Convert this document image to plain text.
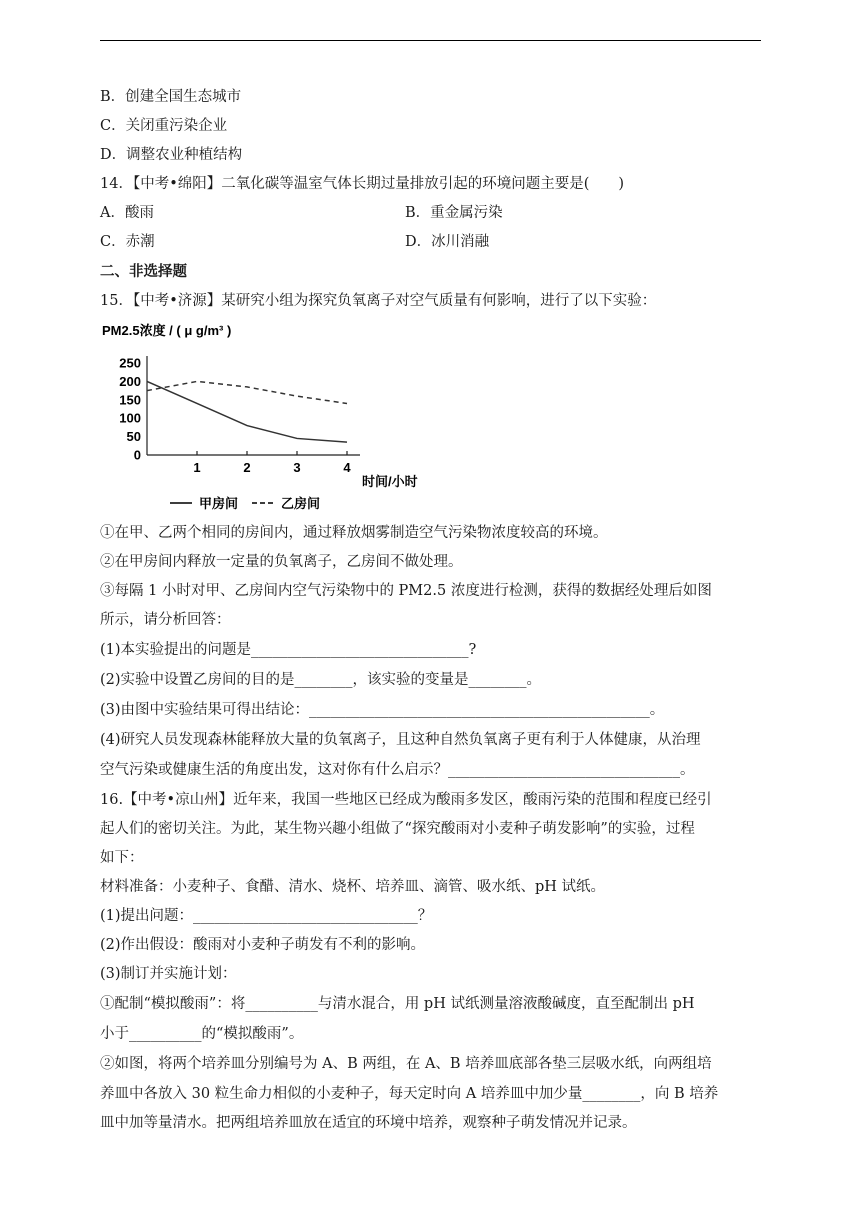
B．创建全国生态城市
C．关闭重污染企业
D．调整农业种植结构
14．【中考•绵阳】二氧化碳等温室气体长期过量排放引起的环境问题主要是(　　)
二、非选择题
15．【中考•济源】某研究小组为探究负氧离子对空气质量有何影响，进行了以下实验：
①在甲、乙两个相同的房间内，通过释放烟雾制造空气污染物浓度较高的环境。
②在甲房间内释放一定量的负氧离子，乙房间不做处理。
③每隔 1 小时对甲、乙房间内空气污染物中的 PM2.5 浓度进行检测，获得的数据经处理后如图
所示，请分析回答：
(1)本实验提出的问题是______________________________?
(2)实验中设置乙房间的目的是________，该实验的变量是________。
(3)由图中实验结果可得出结论：_______________________________________________。
(4)研究人员发现森林能释放大量的负氧离子，且这种自然负氧离子更有利于人体健康，从治理
空气污染或健康生活的角度出发，这对你有什么启示？________________________________。
16.【中考•凉山州】近年来，我国一些地区已经成为酸雨多发区，酸雨污染的范围和程度已经引
起人们的密切关注。为此，某生物兴趣小组做了“探究酸雨对小麦种子萌发影响”的实验，过程
如下：
材料准备：小麦种子、食醋、清水、烧杯、培养皿、滴管、吸水纸、pH 试纸。
(1)提出问题：_______________________________？
(2)作出假设：酸雨对小麦种子萌发有不利的影响。
(3)制订并实施计划：
①配制“模拟酸雨”：将__________与清水混合，用 pH 试纸测量溶液酸碱度，直至配制出 pH
小于__________的“模拟酸雨”。
②如图，将两个培养皿分别编号为 A、B 两组，在 A、B 培养皿底部各垫三层吸水纸，向两组培
养皿中各放入 30 粒生命力相似的小麦种子，每天定时向 A 培养皿中加少量________，向 B 培养
皿中加等量清水。把两组培养皿放在适宜的环境中培养，观察种子萌发情况并记录。
A．酸雨	B．重金属污染
C．赤潮	D．冰川消融
PM2.5浓度 / ( μ g/m³ )
0
50
100
150
200
250
1	2	3	4
时间/小时
甲房间	乙房间
